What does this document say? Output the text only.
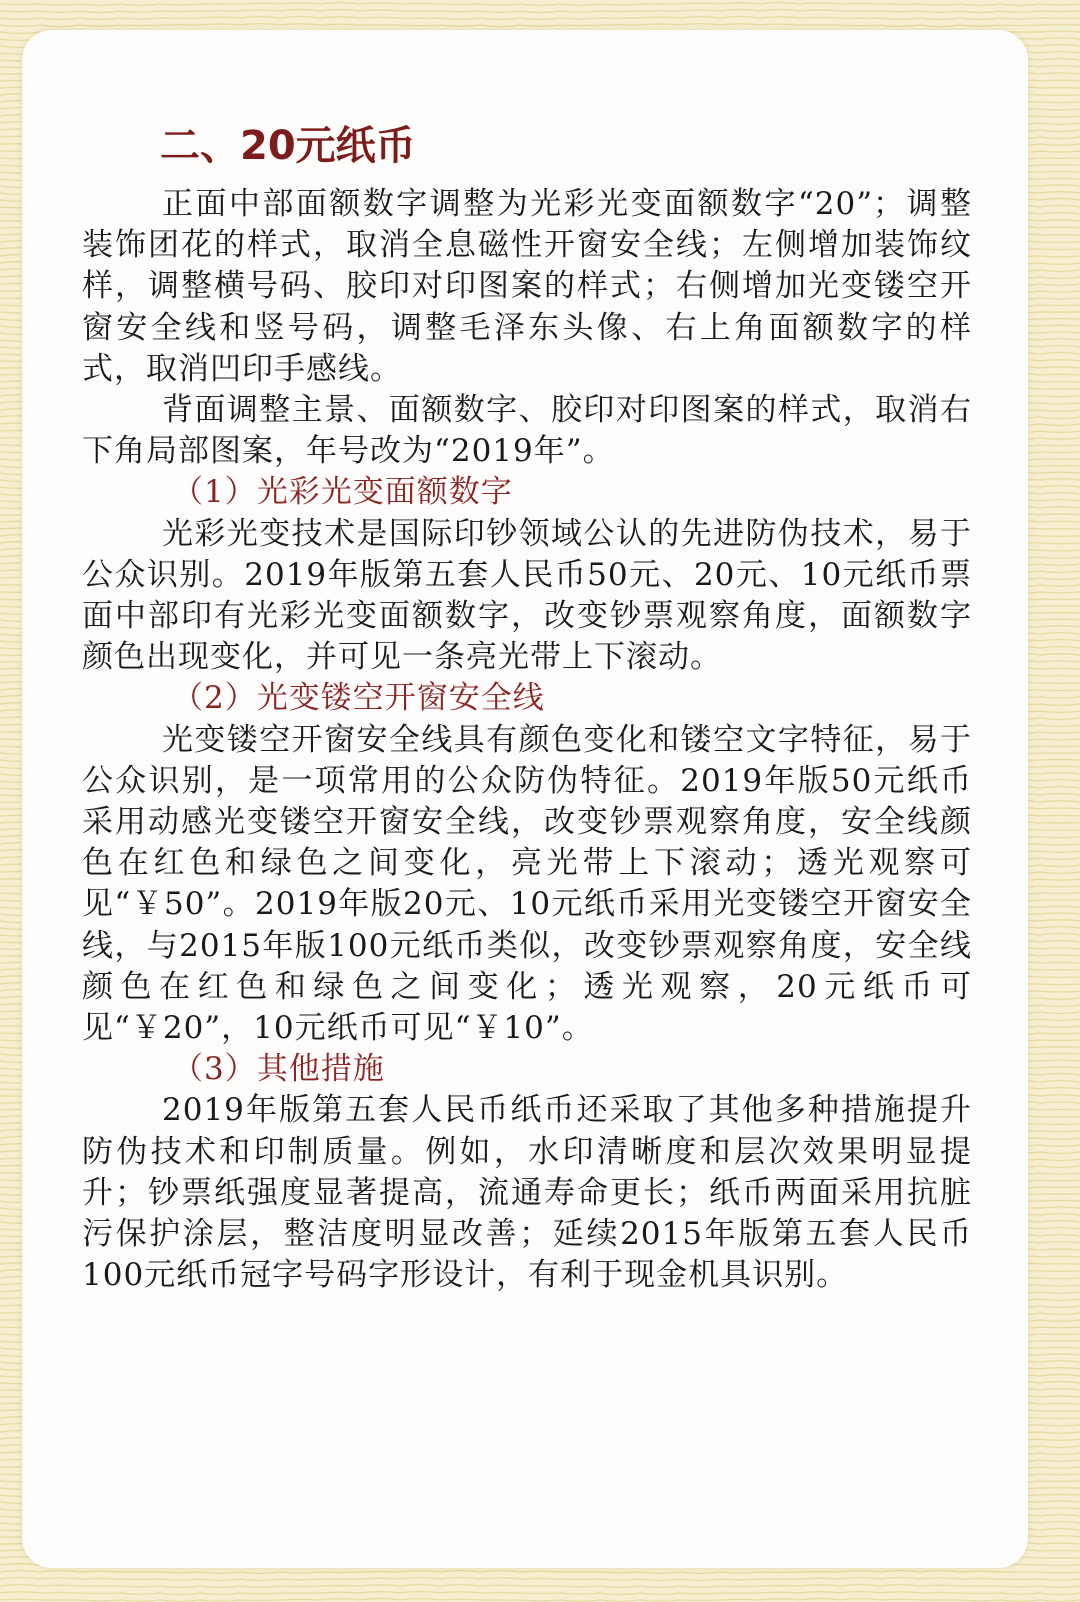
二、20元纸币

正面中部面额数字调整为光彩光变面额数字“20”；调整装饰团花的样式，取消全息磁性开窗安全线；左侧增加装饰纹样，调整横号码、胶印对印图案的样式；右侧增加光变镂空开窗安全线和竖号码，调整毛泽东头像、右上角面额数字的样式，取消凹印手感线。

背面调整主景、面额数字、胶印对印图案的样式，取消右下角局部图案，年号改为“2019年”。

（1）光彩光变面额数字

光彩光变技术是国际印钞领域公认的先进防伪技术，易于公众识别。2019年版第五套人民币50元、20元、10元纸币票面中部印有光彩光变面额数字，改变钞票观察角度，面额数字颜色出现变化，并可见一条亮光带上下滚动。

（2）光变镂空开窗安全线

光变镂空开窗安全线具有颜色变化和镂空文字特征，易于公众识别，是一项常用的公众防伪特征。2019年版50元纸币采用动感光变镂空开窗安全线，改变钞票观察角度，安全线颜色在红色和绿色之间变化，亮光带上下滚动；透光观察可见“￥50”。2019年版20元、10元纸币采用光变镂空开窗安全线，与2015年版100元纸币类似，改变钞票观察角度，安全线颜色在红色和绿色之间变化；透光观察，20元纸币可见“￥20”，10元纸币可见“￥10”。

（3）其他措施

2019年版第五套人民币纸币还采取了其他多种措施提升防伪技术和印制质量。例如，水印清晰度和层次效果明显提升；钞票纸强度显著提高，流通寿命更长；纸币两面采用抗脏污保护涂层，整洁度明显改善；延续2015年版第五套人民币100元纸币冠字号码字形设计，有利于现金机具识别。
